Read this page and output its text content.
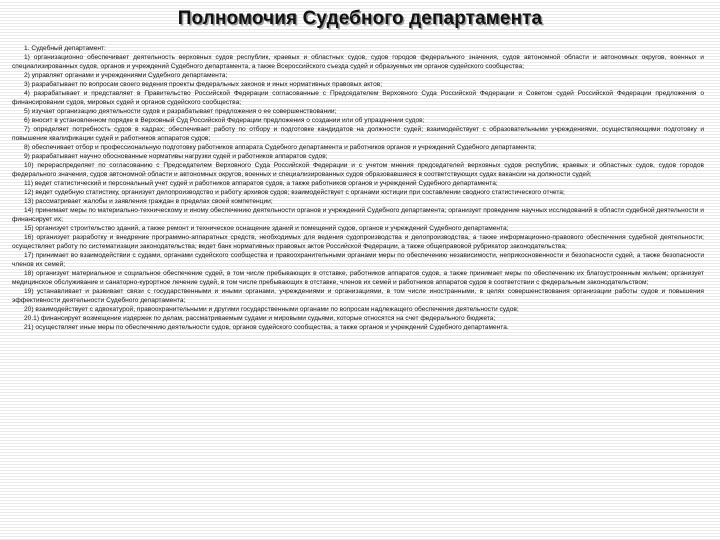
Полномочия Судебного департамента

1. Судебный департамент:

1) организационно обеспечивает деятельность верховных судов республик, краевых и областных судов, судов городов федерального значения, судов автономной области и автономных округов, военных и специализированных судов, органов и учреждений Судебного департамента, а также Всероссийского съезда судей и образуемых им органов судейского сообщества;

2) управляет органами и учреждениями Судебного департамента;

3) разрабатывает по вопросам своего ведения проекты федеральных законов и иных нормативных правовых актов;

4) разрабатывает и представляет в Правительство Российской Федерации согласованные с Председателем Верховного Суда Российской Федерации и Советом судей Российской Федерации предложения о финансировании судов, мировых судей и органов судейского сообщества;

5) изучает организацию деятельности судов и разрабатывает предложения о ее совершенствовании;

6) вносит в установленном порядке в Верховный Суд Российской Федерации предложения о создании или об упразднении судов;

7) определяет потребность судов в кадрах; обеспечивает работу по отбору и подготовке кандидатов на должности судей; взаимодействует с образовательными учреждениями, осуществляющими подготовку и повышение квалификации судей и работников аппаратов судов;

8) обеспечивает отбор и профессиональную подготовку работников аппарата Судебного департамента и работников органов и учреждений Судебного департамента;

9) разрабатывает научно обоснованные нормативы нагрузки судей и работников аппаратов судов;

10) перераспределяет по согласованию с Председателем Верховного Суда Российской Федерации и с учетом мнения председателей верховных судов республик, краевых и областных судов, судов городов федерального значения, судов автономной области и автономных округов, военных и специализированных судов образовавшиеся в соответствующих судах вакансии на должности судей;

11) ведет статистический и персональный учет судей и работников аппаратов судов, а также работников органов и учреждений Судебного департамента;

12) ведет судебную статистику, организует делопроизводство и работу архивов судов; взаимодействует с органами юстиции при составлении сводного статистического отчета;

13) рассматривает жалобы и заявления граждан в пределах своей компетенции;

14) принимает меры по материально-техническому и иному обеспечению деятельности органов и учреждений Судебного департамента; организует проведение научных исследований в области судебной деятельности и финансирует их;

15) организует строительство зданий, а также ремонт и техническое оснащение зданий и помещений судов, органов и учреждений Судебного департамента;

16) организует разработку и внедрение программно-аппаратных средств, необходимых для ведения судопроизводства и делопроизводства, а также информационно-правового обеспечения судебной деятельности; осуществляет работу по систематизации законодательства; ведет банк нормативных правовых актов Российской Федерации, а также общеправовой рубрикатор законодательства;

17) принимает во взаимодействии с судами, органами судейского сообщества и правоохранительными органами меры по обеспечению независимости, неприкосновенности и безопасности судей, а также безопасности членов их семей;

18) организует материальное и социальное обеспечение судей, в том числе пребывающих в отставке, работников аппаратов судов, а также принимает меры по обеспечению их благоустроенным жильем; организует медицинское обслуживание и санаторно-курортное лечение судей, в том числе пребывающих в отставке, членов их семей и работников аппаратов судов в соответствии с федеральным законодательством;

19) устанавливает и развивает связи с государственными и иными органами, учреждениями и организациями, в том числе иностранными, в целях совершенствования организации работы судов и повышения эффективности деятельности Судебного департамента;

20) взаимодействует с адвокатурой, правоохранительными и другими государственными органами по вопросам надлежащего обеспечения деятельности судов;

20.1) финансирует возмещение издержек по делам, рассматриваемым судами и мировыми судьями, которые относятся на счет федерального бюджета;

21) осуществляет иные меры по обеспечению деятельности судов, органов судейского сообщества, а также органов и учреждений Судебного департамента.
